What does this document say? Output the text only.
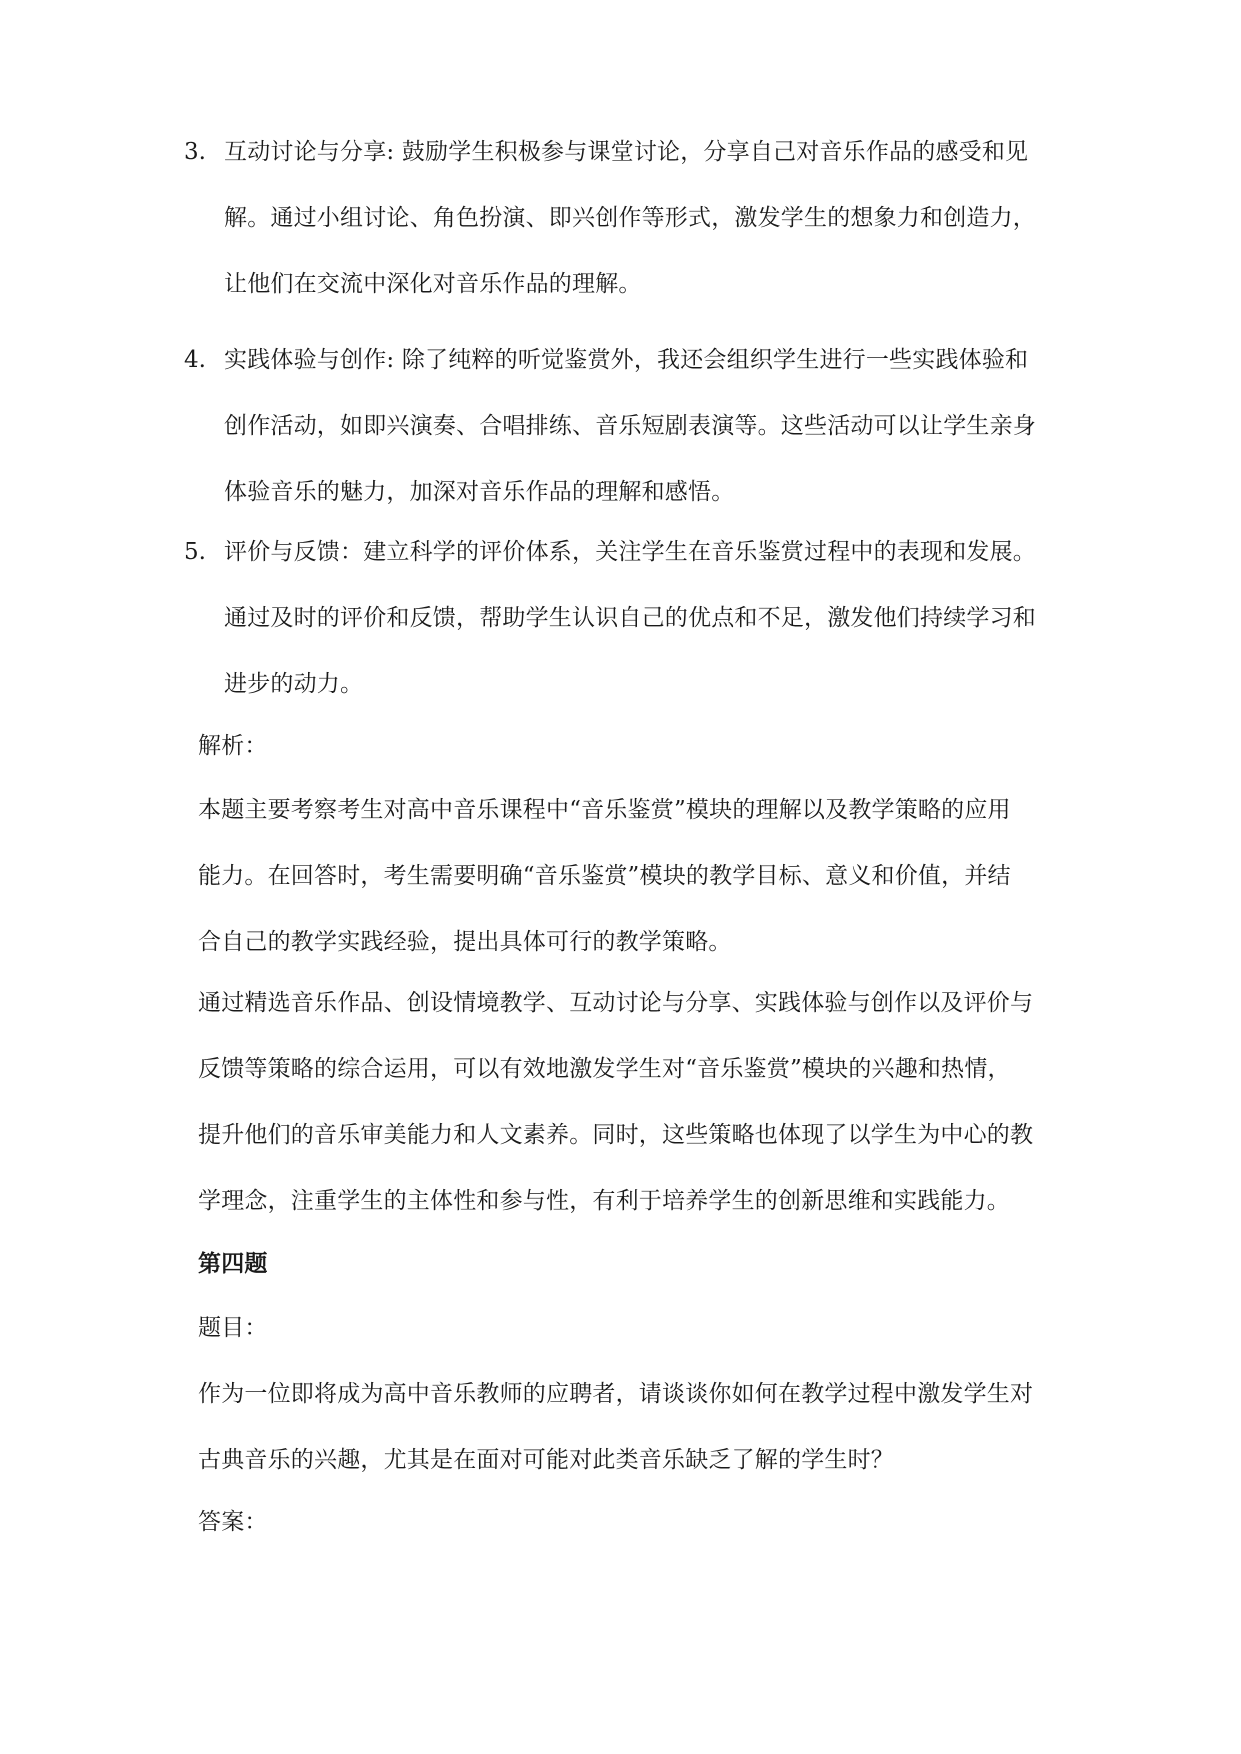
3. 互动讨论与分享: 鼓励学生积极参与课堂讨论，分享自己对音乐作品的感受和见
解。通过小组讨论、角色扮演、即兴创作等形式，激发学生的想象力和创造力，
让他们在交流中深化对音乐作品的理解。
4. 实践体验与创作: 除了纯粹的听觉鉴赏外，我还会组织学生进行一些实践体验和
创作活动，如即兴演奏、合唱排练、音乐短剧表演等。这些活动可以让学生亲身
体验音乐的魅力，加深对音乐作品的理解和感悟。
5. 评价与反馈：建立科学的评价体系，关注学生在音乐鉴赏过程中的表现和发展。
通过及时的评价和反馈，帮助学生认识自己的优点和不足，激发他们持续学习和
进步的动力。
解析：
本题主要考察考生对高中音乐课程中“音乐鉴赏”模块的理解以及教学策略的应用
能力。在回答时，考生需要明确“音乐鉴赏”模块的教学目标、意义和价值，并结
合自己的教学实践经验，提出具体可行的教学策略。
通过精选音乐作品、创设情境教学、互动讨论与分享、实践体验与创作以及评价与
反馈等策略的综合运用，可以有效地激发学生对“音乐鉴赏”模块的兴趣和热情，
提升他们的音乐审美能力和人文素养。同时，这些策略也体现了以学生为中心的教
学理念，注重学生的主体性和参与性，有利于培养学生的创新思维和实践能力。
第四题
题目：
作为一位即将成为高中音乐教师的应聘者，请谈谈你如何在教学过程中激发学生对
古典音乐的兴趣，尤其是在面对可能对此类音乐缺乏了解的学生时？
答案：
